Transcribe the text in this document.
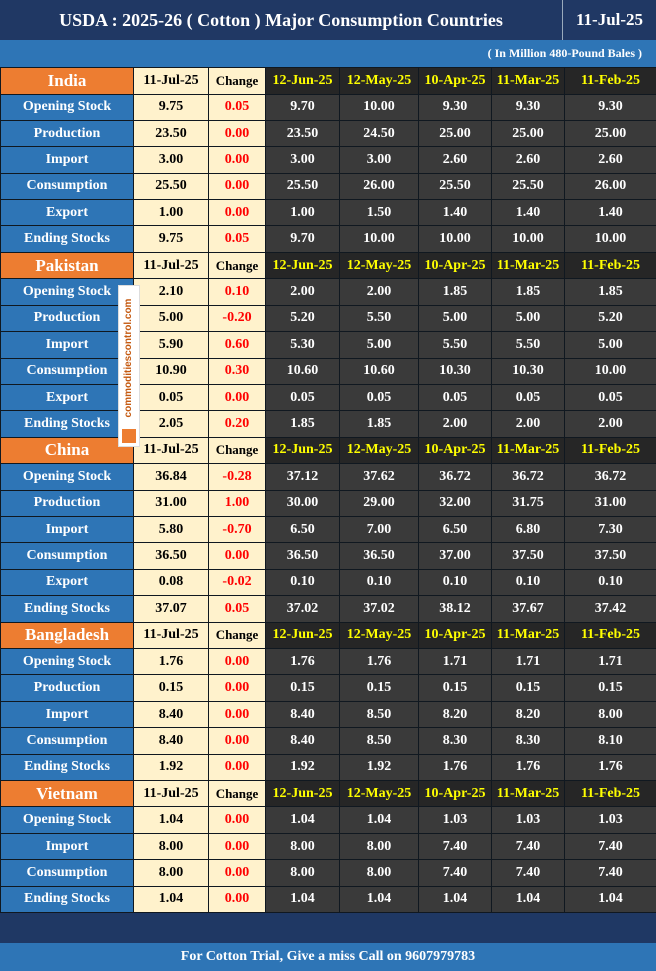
USDA : 2025-26 ( Cotton ) Major Consumption Countries	11-Jul-25
( In Million 480-Pound Bales )
India	11-Jul-25	Change	12-Jun-25	12-May-25	10-Apr-25	11-Mar-25	11-Feb-25
Opening Stock	9.75	0.05	9.70	10.00	9.30	9.30	9.30
Production	23.50	0.00	23.50	24.50	25.00	25.00	25.00
Import	3.00	0.00	3.00	3.00	2.60	2.60	2.60
Consumption	25.50	0.00	25.50	26.00	25.50	25.50	26.00
Export	1.00	0.00	1.00	1.50	1.40	1.40	1.40
Ending Stocks	9.75	0.05	9.70	10.00	10.00	10.00	10.00
Pakistan	11-Jul-25	Change	12-Jun-25	12-May-25	10-Apr-25	11-Mar-25	11-Feb-25
Opening Stock	2.10	0.10	2.00	2.00	1.85	1.85	1.85
Production	5.00	-0.20	5.20	5.50	5.00	5.00	5.20
Import	5.90	0.60	5.30	5.00	5.50	5.50	5.00
Consumption	10.90	0.30	10.60	10.60	10.30	10.30	10.00
Export	0.05	0.00	0.05	0.05	0.05	0.05	0.05
Ending Stocks	2.05	0.20	1.85	1.85	2.00	2.00	2.00
China	11-Jul-25	Change	12-Jun-25	12-May-25	10-Apr-25	11-Mar-25	11-Feb-25
Opening Stock	36.84	-0.28	37.12	37.62	36.72	36.72	36.72
Production	31.00	1.00	30.00	29.00	32.00	31.75	31.00
Import	5.80	-0.70	6.50	7.00	6.50	6.80	7.30
Consumption	36.50	0.00	36.50	36.50	37.00	37.50	37.50
Export	0.08	-0.02	0.10	0.10	0.10	0.10	0.10
Ending Stocks	37.07	0.05	37.02	37.02	38.12	37.67	37.42
Bangladesh	11-Jul-25	Change	12-Jun-25	12-May-25	10-Apr-25	11-Mar-25	11-Feb-25
Opening Stock	1.76	0.00	1.76	1.76	1.71	1.71	1.71
Production	0.15	0.00	0.15	0.15	0.15	0.15	0.15
Import	8.40	0.00	8.40	8.50	8.20	8.20	8.00
Consumption	8.40	0.00	8.40	8.50	8.30	8.30	8.10
Ending Stocks	1.92	0.00	1.92	1.92	1.76	1.76	1.76
Vietnam	11-Jul-25	Change	12-Jun-25	12-May-25	10-Apr-25	11-Mar-25	11-Feb-25
Opening Stock	1.04	0.00	1.04	1.04	1.03	1.03	1.03
Import	8.00	0.00	8.00	8.00	7.40	7.40	7.40
Consumption	8.00	0.00	8.00	8.00	7.40	7.40	7.40
Ending Stocks	1.04	0.00	1.04	1.04	1.04	1.04	1.04
commoditiescontrol.com
For Cotton Trial, Give a miss Call on 9607979783
